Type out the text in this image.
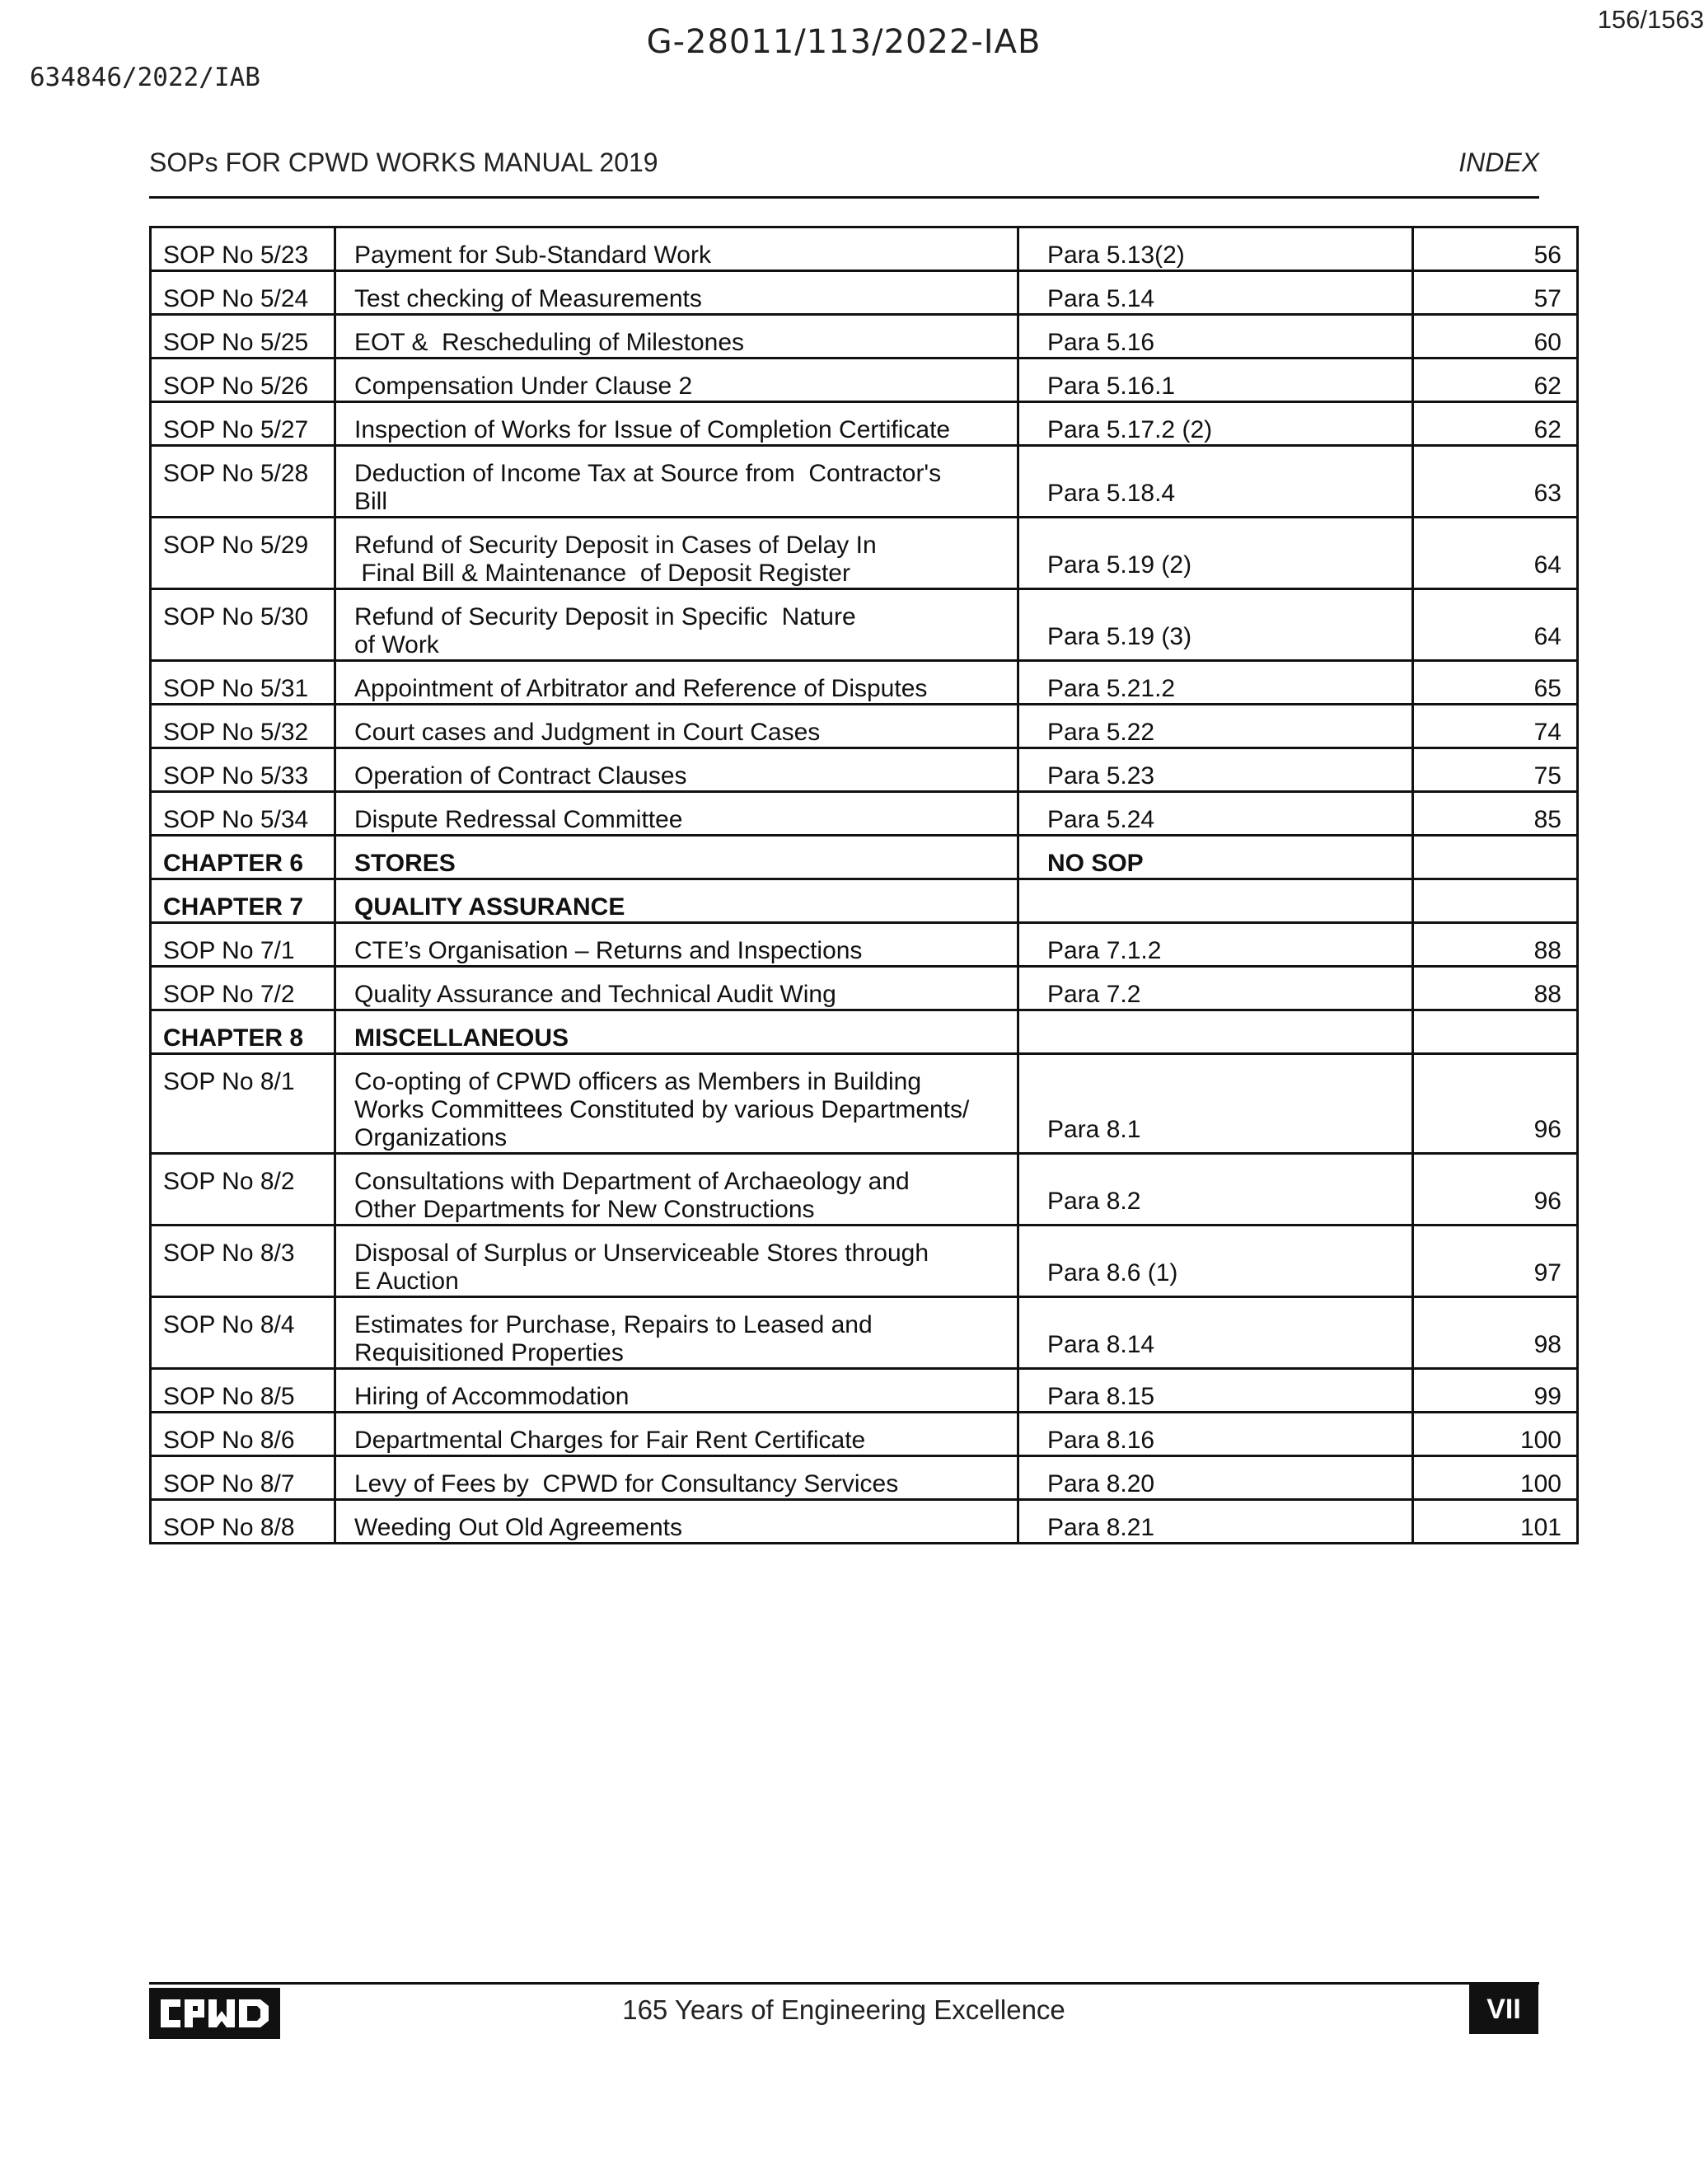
G-28011/113/2022-IAB
634846/2022/IAB
156/1563
SOPs FOR CPWD WORKS MANUAL 2019	INDEX
SOP No 5/23	Payment for Sub-Standard Work	Para 5.13(2)	56
SOP No 5/24	Test checking of Measurements	Para 5.14	57
SOP No 5/25	EOT &  Rescheduling of Milestones	Para 5.16	60
SOP No 5/26	Compensation Under Clause 2	Para 5.16.1	62
SOP No 5/27	Inspection of Works for Issue of Completion Certificate	Para 5.17.2 (2)	62
SOP No 5/28	Deduction of Income Tax at Source from  Contractor's
Bill	Para 5.18.4	63
SOP No 5/29	Refund of Security Deposit in Cases of Delay In
Final Bill & Maintenance  of Deposit Register	Para 5.19 (2)	64
SOP No 5/30	Refund of Security Deposit in Specific  Nature
of Work	Para 5.19 (3)	64
SOP No 5/31	Appointment of Arbitrator and Reference of Disputes	Para 5.21.2	65
SOP No 5/32	Court cases and Judgment in Court Cases	Para 5.22	74
SOP No 5/33	Operation of Contract Clauses	Para 5.23	75
SOP No 5/34	Dispute Redressal Committee	Para 5.24	85
CHAPTER 6	STORES	NO SOP	
CHAPTER 7	QUALITY ASSURANCE		

SOP No 7/1	CTE’s Organisation – Returns and Inspections	Para 7.1.2	88
SOP No 7/2	Quality Assurance and Technical Audit Wing	Para 7.2	88
CHAPTER 8	MISCELLANEOUS		

SOP No 8/1	Co-opting of CPWD officers as Members in Building
Works Committees Constituted by various Departments/
Organizations	Para 8.1	96
SOP No 8/2	Consultations with Department of Archaeology and
Other Departments for New Constructions	Para 8.2	96
SOP No 8/3	Disposal of Surplus or Unserviceable Stores through
E Auction	Para 8.6 (1)	97
SOP No 8/4	Estimates for Purchase, Repairs to Leased and
Requisitioned Properties	Para 8.14	98
SOP No 8/5	Hiring of Accommodation	Para 8.15	99
SOP No 8/6	Departmental Charges for Fair Rent Certificate	Para 8.16	100
SOP No 8/7	Levy of Fees by  CPWD for Consultancy Services	Para 8.20	100
SOP No 8/8	Weeding Out Old Agreements	Para 8.21	101
165 Years of Engineering Excellence	VII
